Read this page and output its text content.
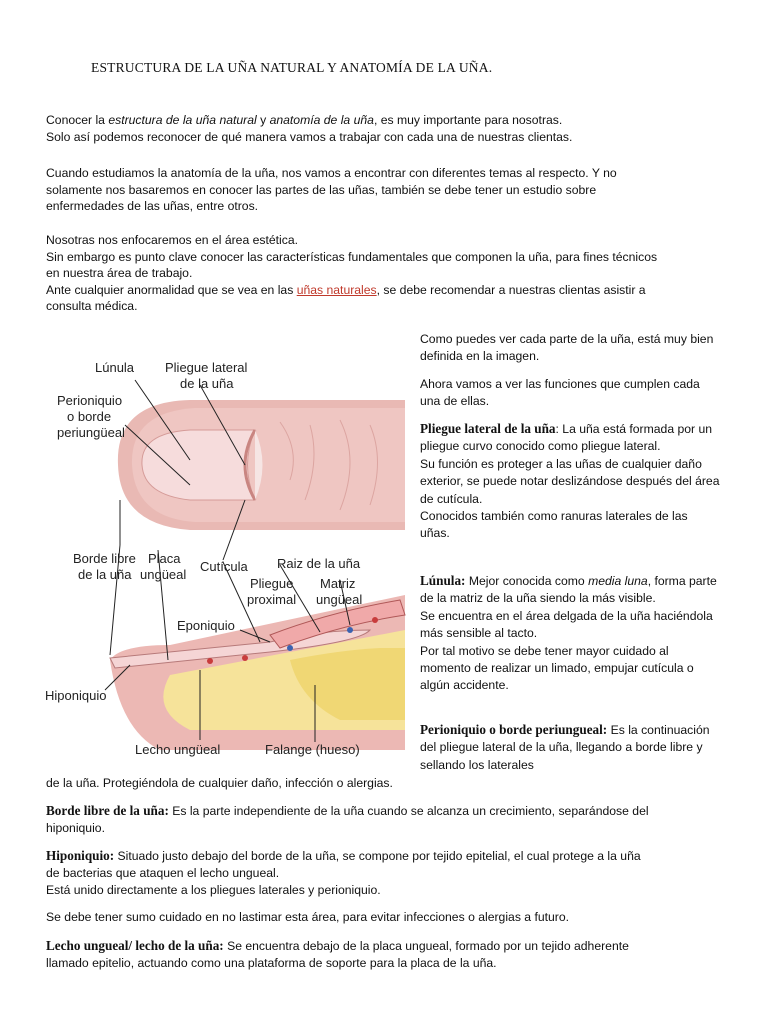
ESTRUCTURA DE LA UÑA NATURAL Y ANATOMÍA DE LA UÑA.
Conocer la estructura de la uña natural y anatomía de la uña, es muy importante para nosotras.
Solo así podemos reconocer de qué manera vamos a trabajar con cada una de nuestras clientas.
Cuando estudiamos la anatomía de la uña, nos vamos a encontrar con diferentes temas al respecto. Y no
solamente nos basaremos en conocer las partes de las uñas, también se debe tener un estudio sobre
enfermedades de las uñas, entre otros.
Nosotras nos enfocaremos en el área estética.
Sin embargo es punto clave conocer las características fundamentales que componen la uña, para fines técnicos
en nuestra área de trabajo.
Ante cualquier anormalidad que se vea en las uñas naturales, se debe recomendar a nuestras clientas asistir a
consulta médica.
Lúnula Pliegue lateral
de la uña
Perioniquio
o borde
periungüeal
Borde libre
de la uña
Placa
ungüeal
Cutícula Raiz de la uña
Pliegue
proximal
Matriz
ungüeal
Eponiquio
Hiponiquio
Lecho ungüeal	Falange (hueso)
Como puedes ver cada parte de la uña, está muy bien definida en la imagen.
Ahora vamos a ver las funciones que cumplen cada una de ellas.
Pliegue lateral de la uña: La uña está formada por un pliegue curvo conocido como pliegue lateral.
Su función es proteger a las uñas de cualquier daño exterior, se puede notar deslizándose después del área de cutícula.
Conocidos también como ranuras laterales de las uñas.
Lúnula: Mejor conocida como media luna, forma parte de la matriz de la uña siendo la más visible.
Se encuentra en el área delgada de la uña haciéndola más sensible al tacto.
Por tal motivo se debe tener mayor cuidado al momento de realizar un limado, empujar cutícula o algún accidente.
Perioniquio o borde periungueal: Es la continuación del pliegue lateral de la uña, llegando a borde libre y sellando los laterales
de la uña. Protegiéndola de cualquier daño, infección o alergias.
Borde libre de la uña: Es la parte independiente de la uña cuando se alcanza un crecimiento, separándose del
hiponiquio.
Hiponiquio: Situado justo debajo del borde de la uña, se compone por tejido epitelial, el cual protege a la uña
de bacterias que ataquen el lecho ungueal.
Está unido directamente a los pliegues laterales y perioniquio.
Se debe tener sumo cuidado en no lastimar esta área, para evitar infecciones o alergias a futuro.
Lecho ungueal/ lecho de la uña: Se encuentra debajo de la placa ungueal, formado por un tejido adherente
llamado epitelio, actuando como una plataforma de soporte para la placa de la uña.
